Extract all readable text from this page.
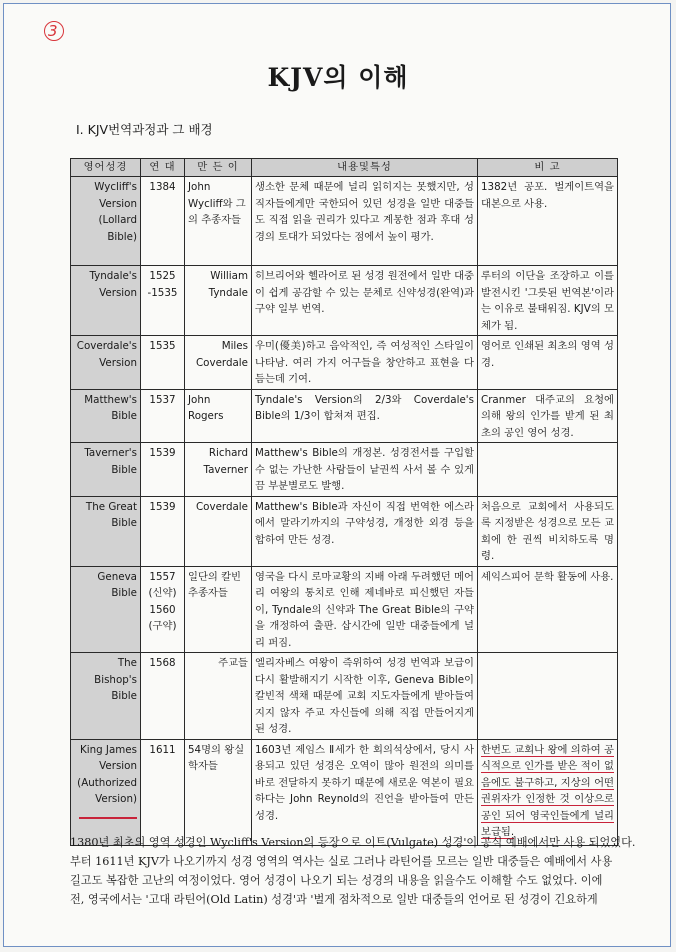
3
KJV의 이해
Ⅰ. KJV번역과정과 그 배경
영어성경	연 대	만 든 이	내용및특성	비 고
Wycliff's Version (Lollard Bible)	1384	John Wycliff와 그의 추종자들	생소한 문체 때문에 널리 읽히지는 못했지만, 성직자들에게만 국한되어 있던 성경을 일반 대중들도 직접 읽을 권리가 있다고 계몽한 점과 후대 성경의 토대가 되었다는 점에서 높이 평가.	1382년 공포. 벌게이트역을 대본으로 사용.
Tyndale's Version	1525 -1535	William Tyndale	히브리어와 헬라어로 된 성경 원전에서 일반 대중이 쉽게 공감할 수 있는 문체로 신약성경(완역)과 구약 일부 번역.	루터의 이단을 조장하고 이를 발전시킨 '그릇된 번역본'이라는 이유로 불태워짐. KJV의 모체가 됨.
Coverdale's Version	1535	Miles Coverdale	우미(優美)하고 음악적인, 즉 여성적인 스타일이 나타남. 여러 가지 어구들을 창안하고 표현을 다듬는데 기여.	영어로 인쇄된 최초의 영역 성경.
Matthew's Bible	1537	John Rogers	Tyndale's Version의 2/3와 Coverdale's Bible의 1/3이 합쳐져 편집.	Cranmer 대주교의 요청에 의해 왕의 인가를 받게 된 최초의 공인 영어 성경.
Taverner's Bible	1539	Richard Taverner	Matthew's Bible의 개정본. 성경전서를 구입할 수 없는 가난한 사람들이 낱권씩 사서 볼 수 있게끔 부분별로도 발행.	
The Great Bible	1539	Coverdale	Matthew's Bible과 자신이 직접 번역한 에스라에서 말라기까지의 구약성경, 개정한 외경 등을 합하여 만든 성경.	처음으로 교회에서 사용되도록 지정받은 성경으로 모든 교회에 한 권씩 비치하도록 명령.
Geneva Bible	1557 (신약) 1560 (구약)	일단의 칼빈 추종자들	영국을 다시 로마교황의 지배 아래 두려했던 메어리 여왕의 통치로 인해 제네바로 피신했던 자들이, Tyndale의 신약과 The Great Bible의 구약을 개정하여 출판. 삽시간에 일반 대중들에게 널리 퍼짐.	셰익스피어 문학 활동에 사용.
The Bishop's Bible	1568	주교들	엘리자베스 여왕이 즉위하여 성경 번역과 보급이 다시 활발해지기 시작한 이후, Geneva Bible이 칼빈적 색채 때문에 교회 지도자들에게 받아들여지지 않자 주교 자신들에 의해 직접 만들어지게 된 성경.	
King James Version (Authorized Version)	1611	54명의 왕실 학자들	1603년 제임스 Ⅱ세가 한 회의석상에서, 당시 사용되고 있던 성경은 오역이 많아 원전의 의미를 바로 전달하지 못하기 때문에 새로운 역본이 필요하다는 John Reynold의 진언을 받아들여 만든 성경.	한번도 교회나 왕에 의하여 공식적으로 인가를 받은 적이 없음에도 불구하고, 지상의 어떤 권위자가 인정한 것 이상으로 공인 되어 영국인들에게 널리 보급됨.
1380년 최초의 영역 성경인 Wycliff's Version의 등장으로 이트(Vulgate) 성경'이 공식 예배에서만 사용 되었었다.
부터 1611년 KJV가 나오기까지 성경 영역의 역사는 실로 그러나 라틴어를 모르는 일반 대중들은 예배에서 사용
길고도 복잡한 고난의 여정이었다. 영어 성경이 나오기 되는 성경의 내용을 읽을수도 이해할 수도 없었다. 이에
전, 영국에서는 '고대 라틴어(Old Latin) 성경'과 '벌게 점차적으로 일반 대중들의 언어로 된 성경이 긴요하게
